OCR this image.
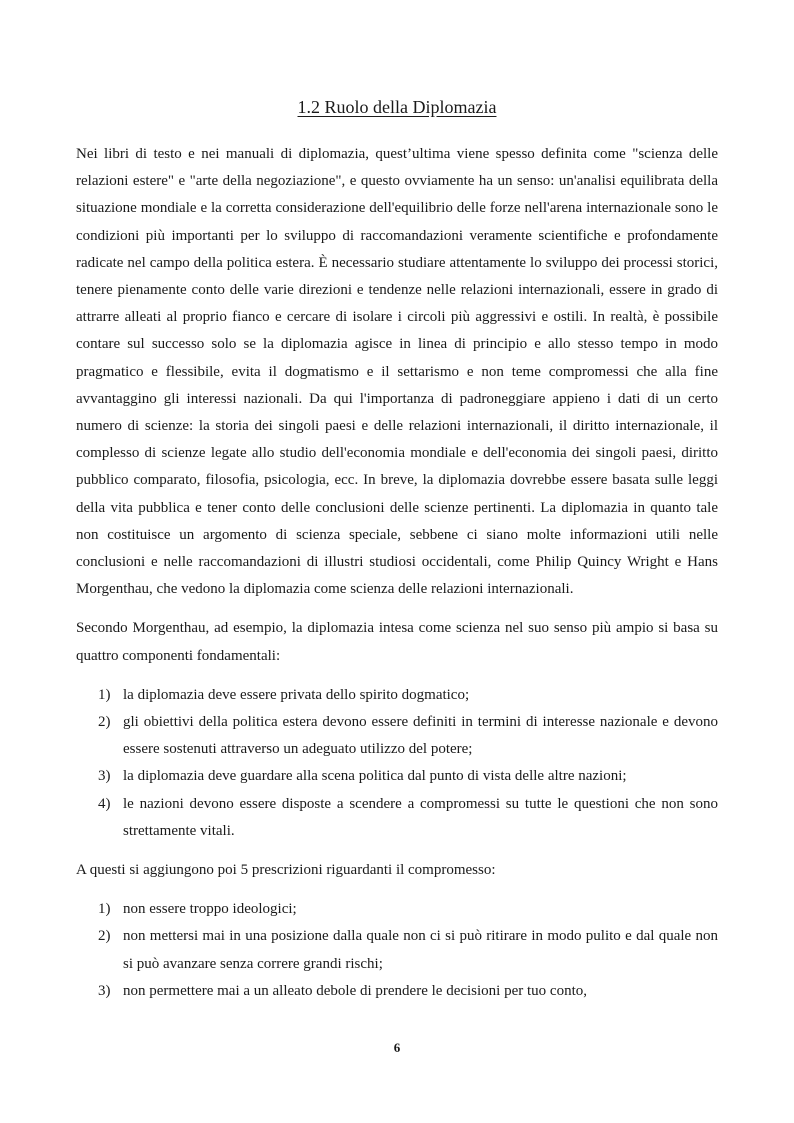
1.2 Ruolo della Diplomazia

Nei libri di testo e nei manuali di diplomazia, quest’ultima viene spesso definita come "scienza delle relazioni estere" e "arte della negoziazione", e questo ovviamente ha un senso: un'analisi equilibrata della situazione mondiale e la corretta considerazione dell'equilibrio delle forze nell'arena internazionale sono le condizioni più importanti per lo sviluppo di raccomandazioni veramente scientifiche e profondamente radicate nel campo della politica estera. È necessario studiare attentamente lo sviluppo dei processi storici, tenere pienamente conto delle varie direzioni e tendenze nelle relazioni internazionali, essere in grado di attrarre alleati al proprio fianco e cercare di isolare i circoli più aggressivi e ostili. In realtà, è possibile contare sul successo solo se la diplomazia agisce in linea di principio e allo stesso tempo in modo pragmatico e flessibile, evita il dogmatismo e il settarismo e non teme compromessi che alla fine avvantaggino gli interessi nazionali. Da qui l'importanza di padroneggiare appieno i dati di un certo numero di scienze: la storia dei singoli paesi e delle relazioni internazionali, il diritto internazionale, il complesso di scienze legate allo studio dell'economia mondiale e dell'economia dei singoli paesi, diritto pubblico comparato, filosofia, psicologia, ecc. In breve, la diplomazia dovrebbe essere basata sulle leggi della vita pubblica e tener conto delle conclusioni delle scienze pertinenti. La diplomazia in quanto tale non costituisce un argomento di scienza speciale, sebbene ci siano molte informazioni utili nelle conclusioni e nelle raccomandazioni di illustri studiosi occidentali, come Philip Quincy Wright e Hans Morgenthau, che vedono la diplomazia come scienza delle relazioni internazionali.

Secondo Morgenthau, ad esempio, la diplomazia intesa come scienza nel suo senso più ampio si basa su quattro componenti fondamentali:

1) la diplomazia deve essere privata dello spirito dogmatico;
2) gli obiettivi della politica estera devono essere definiti in termini di interesse nazionale e devono essere sostenuti attraverso un adeguato utilizzo del potere;
3) la diplomazia deve guardare alla scena politica dal punto di vista delle altre nazioni;
4) le nazioni devono essere disposte a scendere a compromessi su tutte le questioni che non sono strettamente vitali.

A questi si aggiungono poi 5 prescrizioni riguardanti il compromesso:

1) non essere troppo ideologici;
2) non mettersi mai in una posizione dalla quale non ci si può ritirare in modo pulito e dal quale non si può avanzare senza correre grandi rischi;
3) non permettere mai a un alleato debole di prendere le decisioni per tuo conto,
6
